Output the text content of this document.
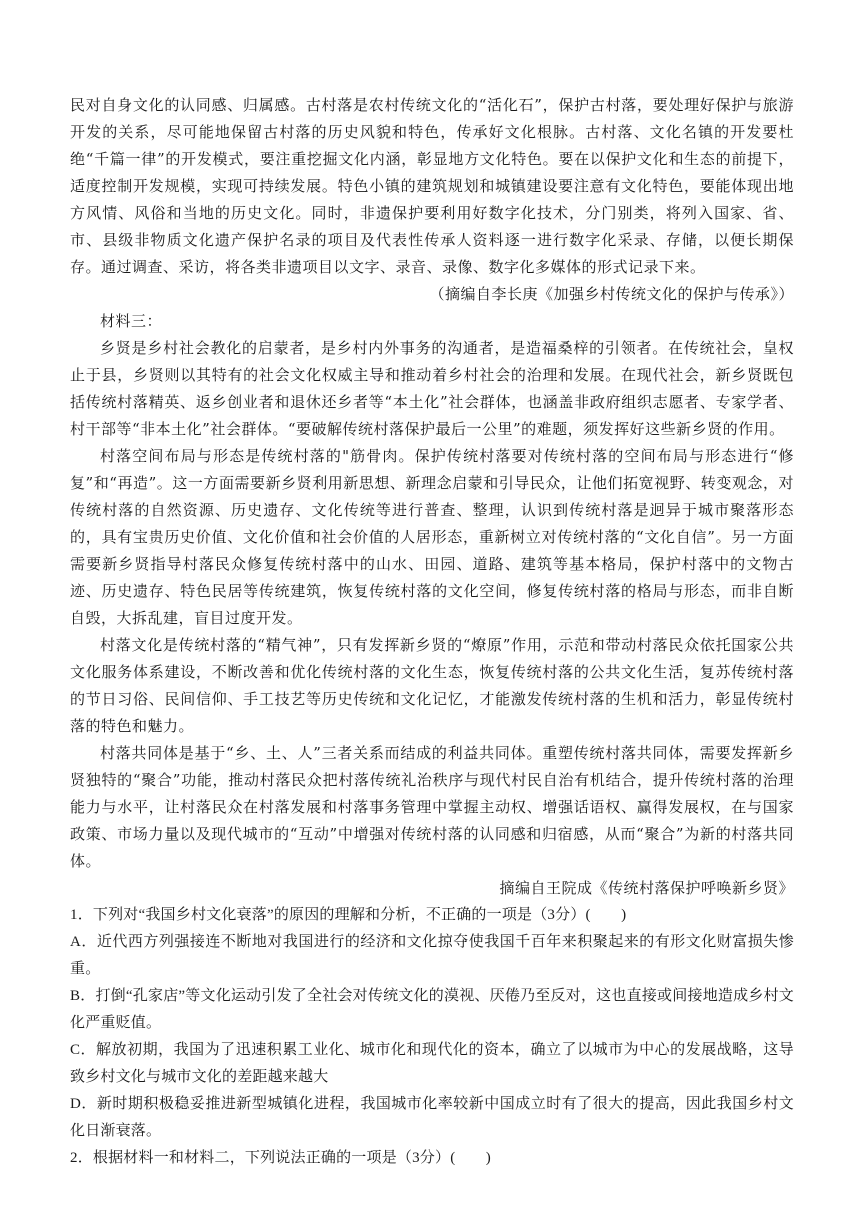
民对自身文化的认同感、归属感。古村落是农村传统文化的“活化石”，保护古村落，要处理好保护与旅游开发的关系，尽可能地保留古村落的历史风貌和特色，传承好文化根脉。古村落、文化名镇的开发要杜绝“千篇一律”的开发模式，要注重挖掘文化内涵，彰显地方文化特色。要在以保护文化和生态的前提下，适度控制开发规模，实现可持续发展。特色小镇的建筑规划和城镇建设要注意有文化特色，要能体现出地方风情、风俗和当地的历史文化。同时，非遗保护要利用好数字化技术，分门别类，将列入国家、省、市、县级非物质文化遗产保护名录的项目及代表性传承人资料逐一进行数字化采录、存储，以便长期保存。通过调查、采访，将各类非遗项目以文字、录音、录像、数字化多媒体的形式记录下来。

（摘编自李长庚《加强乡村传统文化的保护与传承》）

材料三：

乡贤是乡村社会教化的启蒙者，是乡村内外事务的沟通者，是造福桑梓的引领者。在传统社会，皇权止于县，乡贤则以其特有的社会文化权威主导和推动着乡村社会的治理和发展。在现代社会，新乡贤既包括传统村落精英、返乡创业者和退休还乡者等“本土化”社会群体，也涵盖非政府组织志愿者、专家学者、村干部等“非本土化”社会群体。“要破解传统村落保护最后一公里”的难题，须发挥好这些新乡贤的作用。

村落空间布局与形态是传统村落的"筋骨肉。保护传统村落要对传统村落的空间布局与形态进行“修复”和“再造”。这一方面需要新乡贤利用新思想、新理念启蒙和引导民众，让他们拓宽视野、转变观念，对传统村落的自然资源、历史遗存、文化传统等进行普查、整理，认识到传统村落是迥异于城市聚落形态的，具有宝贵历史价值、文化价值和社会价值的人居形态，重新树立对传统村落的“文化自信”。另一方面需要新乡贤指导村落民众修复传统村落中的山水、田园、道路、建筑等基本格局，保护村落中的文物古迹、历史遗存、特色民居等传统建筑，恢复传统村落的文化空间，修复传统村落的格局与形态，而非自断自毁，大拆乱建，盲目过度开发。

村落文化是传统村落的“精气神”，只有发挥新乡贤的“燎原”作用，示范和带动村落民众依托国家公共文化服务体系建设，不断改善和优化传统村落的文化生态，恢复传统村落的公共文化生活，复苏传统村落的节日习俗、民间信仰、手工技艺等历史传统和文化记忆，才能激发传统村落的生机和活力，彰显传统村落的特色和魅力。

村落共同体是基于“乡、土、人”三者关系而结成的利益共同体。重塑传统村落共同体，需要发挥新乡贤独特的“聚合”功能，推动村落民众把村落传统礼治秩序与现代村民自治有机结合，提升传统村落的治理能力与水平，让村落民众在村落发展和村落事务管理中掌握主动权、增强话语权、赢得发展权，在与国家政策、市场力量以及现代城市的“互动”中增强对传统村落的认同感和归宿感，从而“聚合”为新的村落共同体。

摘编自王院成《传统村落保护呼唤新乡贤》

1．下列对“我国乡村文化衰落”的原因的理解和分析，不正确的一项是（3分）(　　)

A．近代西方列强接连不断地对我国进行的经济和文化掠夺使我国千百年来积聚起来的有形文化财富损失惨重。

B．打倒“孔家店”等文化运动引发了全社会对传统文化的漠视、厌倦乃至反对，这也直接或间接地造成乡村文化严重贬值。

C．解放初期，我国为了迅速积累工业化、城市化和现代化的资本，确立了以城市为中心的发展战略，这导致乡村文化与城市文化的差距越来越大

D．新时期积极稳妥推进新型城镇化进程，我国城市化率较新中国成立时有了很大的提高，因此我国乡村文化日渐衰落。

2．根据材料一和材料二，下列说法正确的一项是（3分）(　　)
